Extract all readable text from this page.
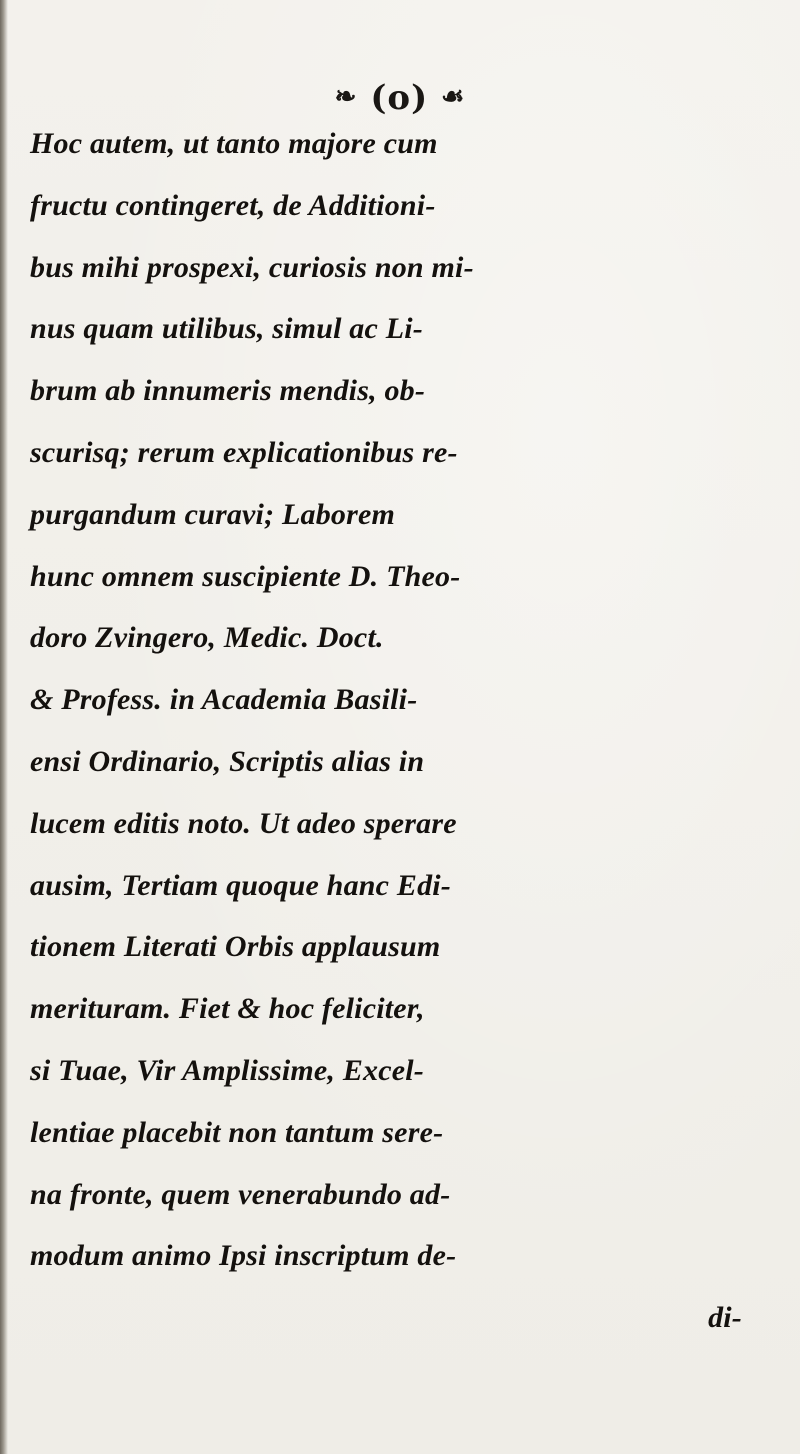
❧ (o) ☙
Hoc autem, ut tanto majore cum
fructu contingeret, de Additioni-
bus mihi prospexi, curiosis non mi-
nus quam utilibus, simul ac Li-
brum ab innumeris mendis, ob-
scurisq; rerum explicationibus re-
purgandum curavi; Laborem
hunc omnem suscipiente D. Theo-
doro Zvingero, Medic. Doct.
& Profess. in Academia Basili-
ensi Ordinario, Scriptis alias in
lucem editis noto. Ut adeo sperare
ausim, Tertiam quoque hanc Edi-
tionem Literati Orbis applausum
merituram. Fiet & hoc feliciter,
si Tuae, Vir Amplissime, Excel-
lentiae placebit non tantum sere-
na fronte, quem venerabundo ad-
modum animo Ipsi inscriptum de-
di-
